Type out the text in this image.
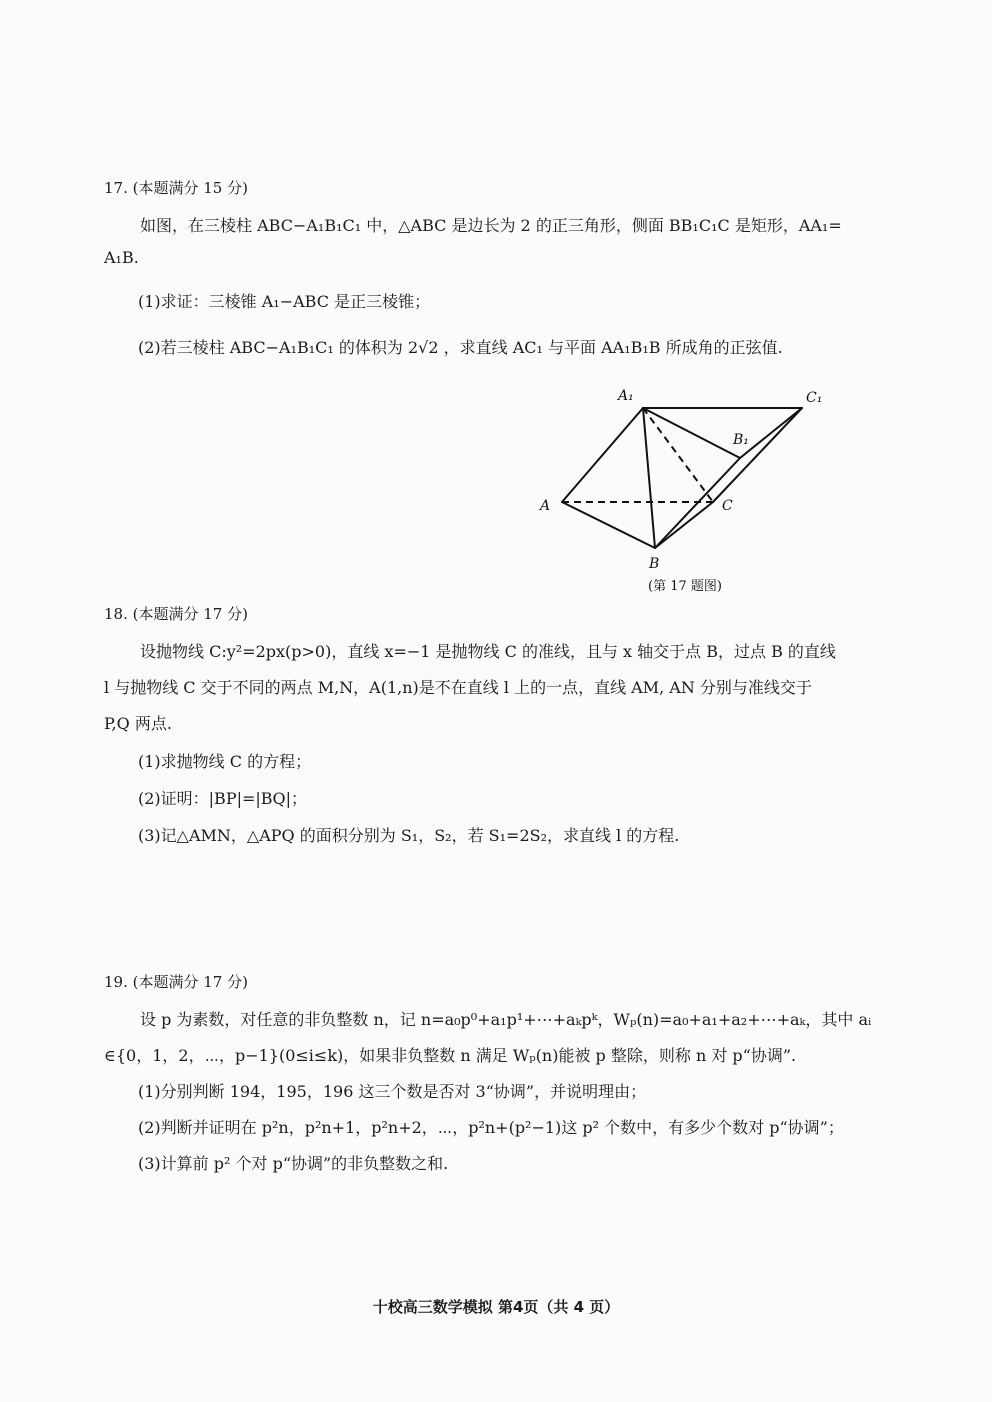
17. (本题满分 15 分)
如图，在三棱柱 ABC−A₁B₁C₁ 中，△ABC 是边长为 2 的正三角形，侧面 BB₁C₁C 是矩形，AA₁=
A₁B.
(1)求证：三棱锥 A₁−ABC 是正三棱锥；
(2)若三棱柱 ABC−A₁B₁C₁ 的体积为 2√2 ，求直线 AC₁ 与平面 AA₁B₁B 所成角的正弦值.
A₁	C₁
B₁
A	C
B
(第 17 题图)
18. (本题满分 17 分)
设抛物线 C:y²=2px(p>0)，直线 x=−1 是抛物线 C 的准线，且与 x 轴交于点 B，过点 B 的直线
l 与抛物线 C 交于不同的两点 M,N，A(1,n)是不在直线 l 上的一点，直线 AM, AN 分别与准线交于
P,Q 两点.
(1)求抛物线 C 的方程；
(2)证明：|BP|=|BQ|；
(3)记△AMN，△APQ 的面积分别为 S₁，S₂，若 S₁=2S₂，求直线 l 的方程.
19. (本题满分 17 分)
设 p 为素数，对任意的非负整数 n，记 n=a₀p⁰+a₁p¹+⋯+aₖpᵏ，Wₚ(n)=a₀+a₁+a₂+⋯+aₖ，其中 aᵢ
∈{0，1，2，⋯，p−1}(0≤i≤k)，如果非负整数 n 满足 Wₚ(n)能被 p 整除，则称 n 对 p“协调”.
(1)分别判断 194，195，196 这三个数是否对 3“协调”，并说明理由；
(2)判断并证明在 p²n，p²n+1，p²n+2，⋯，p²n+(p²−1)这 p² 个数中，有多少个数对 p“协调”；
(3)计算前 p² 个对 p“协调”的非负整数之和.
十校高三数学模拟 第4页（共 4 页）
